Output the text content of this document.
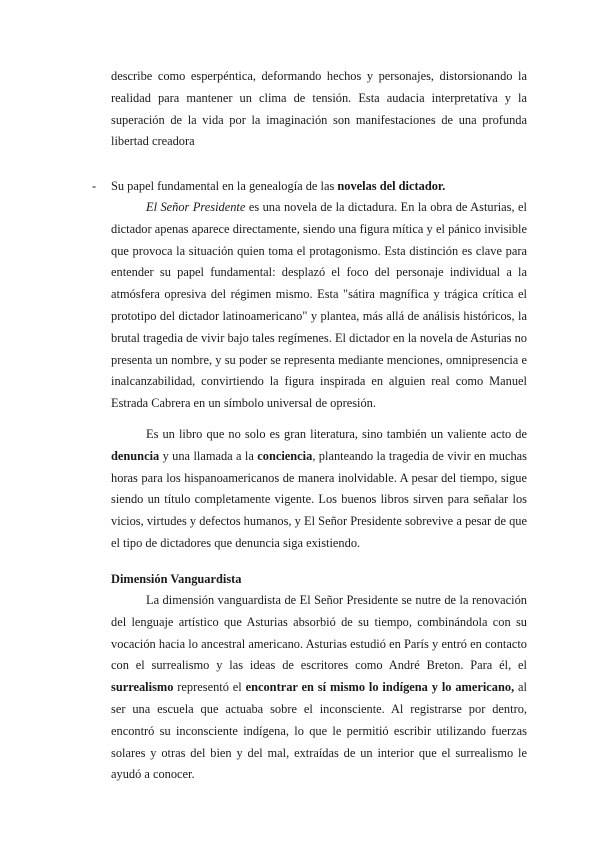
describe como esperpéntica, deformando hechos y personajes, distorsionando la realidad para mantener un clima de tensión. Esta audacia interpretativa y la superación de la vida por la imaginación son manifestaciones de una profunda libertad creadora

- Su papel fundamental en la genealogía de las novelas del dictador.

El Señor Presidente es una novela de la dictadura. En la obra de Asturias, el dictador apenas aparece directamente, siendo una figura mítica y el pánico invisible que provoca la situación quien toma el protagonismo. Esta distinción es clave para entender su papel fundamental: desplazó el foco del personaje individual a la atmósfera opresiva del régimen mismo. Esta "sátira magnífica y trágica crítica el prototipo del dictador latinoamericano" y plantea, más allá de análisis históricos, la brutal tragedia de vivir bajo tales regímenes. El dictador en la novela de Asturias no presenta un nombre, y su poder se representa mediante menciones, omnipresencia e inalcanzabilidad, convirtiendo la figura inspirada en alguien real como Manuel Estrada Cabrera en un símbolo universal de opresión.

Es un libro que no solo es gran literatura, sino también un valiente acto de denuncia y una llamada a la conciencia, planteando la tragedia de vivir en muchas horas para los hispanoamericanos de manera inolvidable. A pesar del tiempo, sigue siendo un título completamente vigente. Los buenos libros sirven para señalar los vicios, virtudes y defectos humanos, y El Señor Presidente sobrevive a pesar de que el tipo de dictadores que denuncia siga existiendo.

Dimensión Vanguardista

La dimensión vanguardista de El Señor Presidente se nutre de la renovación del lenguaje artístico que Asturias absorbió de su tiempo, combinándola con su vocación hacia lo ancestral americano. Asturias estudió en París y entró en contacto con el surrealismo y las ideas de escritores como André Breton. Para él, el surrealismo representó el encontrar en sí mismo lo indígena y lo americano, al ser una escuela que actuaba sobre el inconsciente. Al registrarse por dentro, encontró su inconsciente indígena, lo que le permitió escribir utilizando fuerzas solares y otras del bien y del mal, extraídas de un interior que el surrealismo le ayudó a conocer.
